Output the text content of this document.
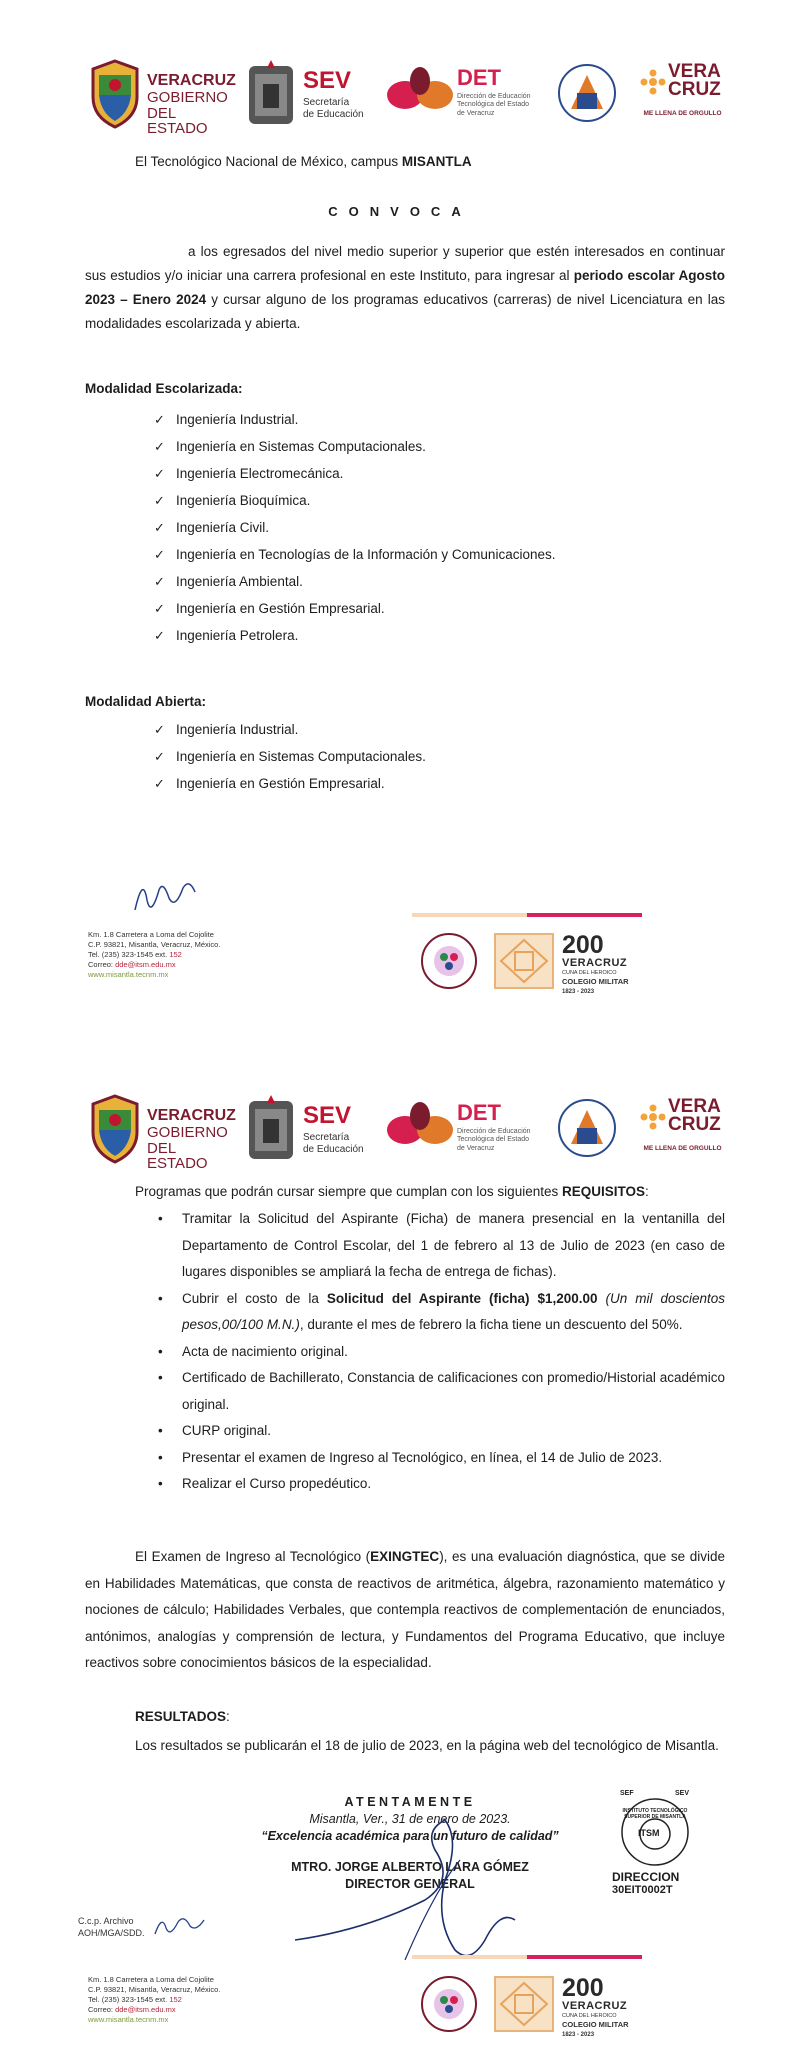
VERACRUZ
GOBIERNO
DEL ESTADO
SEV
Secretaría
de Educación
DET
Dirección de Educación Tecnológica del Estado de Veracruz
VERA
CRUZ
ME LLENA DE ORGULLO
El Tecnológico Nacional de México, campus MISANTLA
CONVOCA
a los egresados del nivel medio superior y superior que estén interesados en continuar sus estudios y/o iniciar una carrera profesional en este Instituto, para ingresar al periodo escolar Agosto 2023 – Enero 2024 y cursar alguno de los programas educativos (carreras) de nivel Licenciatura en las modalidades escolarizada y abierta.
Modalidad Escolarizada:
✓ Ingeniería Industrial.
✓ Ingeniería en Sistemas Computacionales.
✓ Ingeniería Electromecánica.
✓ Ingeniería Bioquímica.
✓ Ingeniería Civil.
✓ Ingeniería en Tecnologías de la Información y Comunicaciones.
✓ Ingeniería Ambiental.
✓ Ingeniería en Gestión Empresarial.
✓ Ingeniería Petrolera.
Modalidad Abierta:
✓ Ingeniería Industrial.
✓ Ingeniería en Sistemas Computacionales.
✓ Ingeniería en Gestión Empresarial.
Km. 1.8 Carretera a Loma del Cojolite
C.P. 93821, Misantla, Veracruz, México.
Tel. (235) 323-1545 ext. 152
Correo: dde@itsm.edu.mx
www.misantla.tecnm.mx
200
VERACRUZ
CUNA DEL HEROICO
COLEGIO MILITAR
1823 - 2023
VERACRUZ
GOBIERNO
DEL ESTADO
SEV
Secretaría
de Educación
DET
Dirección de Educación Tecnológica del Estado de Veracruz
VERA
CRUZ
ME LLENA DE ORGULLO
Programas que podrán cursar siempre que cumplan con los siguientes REQUISITOS:
• Tramitar la Solicitud del Aspirante (Ficha) de manera presencial en la ventanilla del Departamento de Control Escolar, del 1 de febrero al 13 de Julio de 2023 (en caso de lugares disponibles se ampliará la fecha de entrega de fichas).
• Cubrir el costo de la Solicitud del Aspirante (ficha) $1,200.00 (Un mil doscientos pesos,00/100 M.N.), durante el mes de febrero la ficha tiene un descuento del 50%.
• Acta de nacimiento original.
• Certificado de Bachillerato, Constancia de calificaciones con promedio/Historial académico original.
• CURP original.
• Presentar el examen de Ingreso al Tecnológico, en línea, el 14 de Julio de 2023.
• Realizar el Curso propedéutico.
El Examen de Ingreso al Tecnológico (EXINGTEC), es una evaluación diagnóstica, que se divide en Habilidades Matemáticas, que consta de reactivos de aritmética, álgebra, razonamiento matemático y nociones de cálculo; Habilidades Verbales, que contempla reactivos de complementación de enunciados, antónimos, analogías y comprensión de lectura, y Fundamentos del Programa Educativo, que incluye reactivos sobre conocimientos básicos de la especialidad.
RESULTADOS:
Los resultados se publicarán el 18 de julio de 2023, en la página web del tecnológico de Misantla.
ATENTAMENTE
Misantla, Ver., 31 de enero de 2023.
“Excelencia académica para un futuro de calidad”
MTRO. JORGE ALBERTO LARA GÓMEZ
DIRECTOR GENERAL
SEF	SEV
INSTITUTO TECNOLÓGICO SUPERIOR DE MISANTLA
ITSM
DIRECCION
30EIT0002T
C.c.p. Archivo
AOH/MGA/SDD.
Km. 1.8 Carretera a Loma del Cojolite
C.P. 93821, Misantla, Veracruz, México.
Tel. (235) 323-1545 ext. 152
Correo: dde@itsm.edu.mx
www.misantla.tecnm.mx
200
VERACRUZ
CUNA DEL HEROICO
COLEGIO MILITAR
1823 - 2023
